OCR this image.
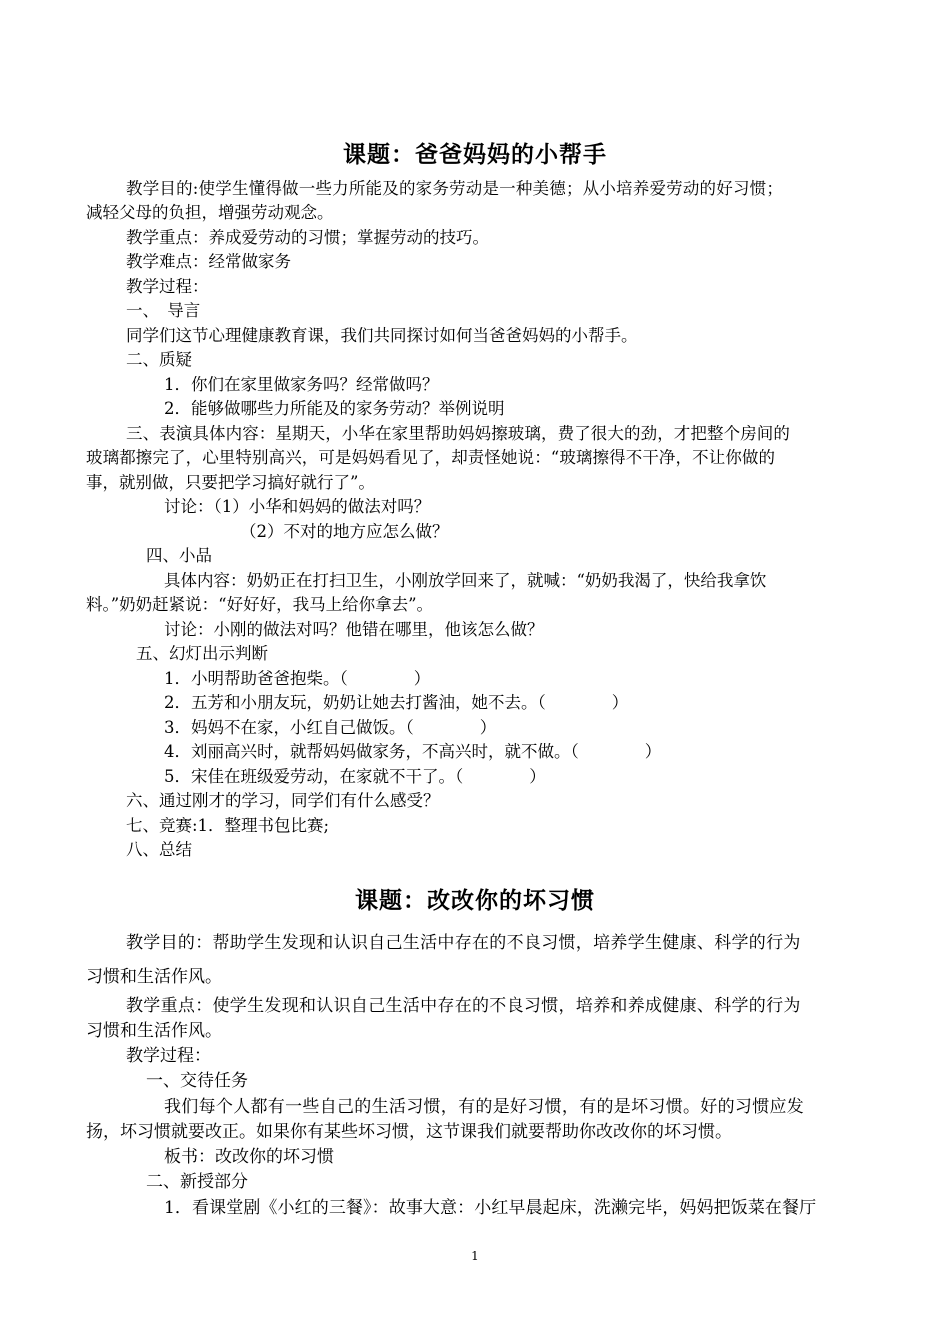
课题：爸爸妈妈的小帮手
教学目的:使学生懂得做一些力所能及的家务劳动是一种美德；从小培养爱劳动的好习惯；
减轻父母的负担，增强劳动观念。
教学重点：养成爱劳动的习惯；掌握劳动的技巧。
教学难点：经常做家务
教学过程：
一、　导言
同学们这节心理健康教育课，我们共同探讨如何当爸爸妈妈的小帮手。
二、质疑
1．你们在家里做家务吗？经常做吗？
2．能够做哪些力所能及的家务劳动？举例说明
三、表演具体内容：星期天，小华在家里帮助妈妈擦玻璃，费了很大的劲，才把整个房间的
玻璃都擦完了，心里特别高兴，可是妈妈看见了，却责怪她说：“玻璃擦得不干净，不让你做的
事，就别做，只要把学习搞好就行了”。
讨论：（1）小华和妈妈的做法对吗？
（2）不对的地方应怎么做？
四、小品
具体内容：奶奶正在打扫卫生，小刚放学回来了，就喊：“奶奶我渴了，快给我拿饮
料。”奶奶赶紧说：“好好好，我马上给你拿去”。
讨论：小刚的做法对吗？他错在哪里，他该怎么做？
五、幻灯出示判断
1．小明帮助爸爸抱柴。（　　　　）
2．五芳和小朋友玩，奶奶让她去打酱油，她不去。（　　　　）
3．妈妈不在家，小红自己做饭。（　　　　）
4．刘丽高兴时，就帮妈妈做家务，不高兴时，就不做。（　　　　）
5．宋佳在班级爱劳动，在家就不干了。（　　　　）
六、通过刚才的学习，同学们有什么感受？
七、竞赛:1．整理书包比赛;
八、总结
课题：改改你的坏习惯
教学目的：帮助学生发现和认识自己生活中存在的不良习惯，培养学生健康、科学的行为
习惯和生活作风。
教学重点：使学生发现和认识自己生活中存在的不良习惯，培养和养成健康、科学的行为
习惯和生活作风。
教学过程：
一、交待任务
我们每个人都有一些自己的生活习惯，有的是好习惯，有的是坏习惯。好的习惯应发
扬，坏习惯就要改正。如果你有某些坏习惯，这节课我们就要帮助你改改你的坏习惯。
板书：改改你的坏习惯
二、新授部分
1．看课堂剧《小红的三餐》：故事大意：小红早晨起床，洗濑完毕，妈妈把饭菜在餐厅
1
